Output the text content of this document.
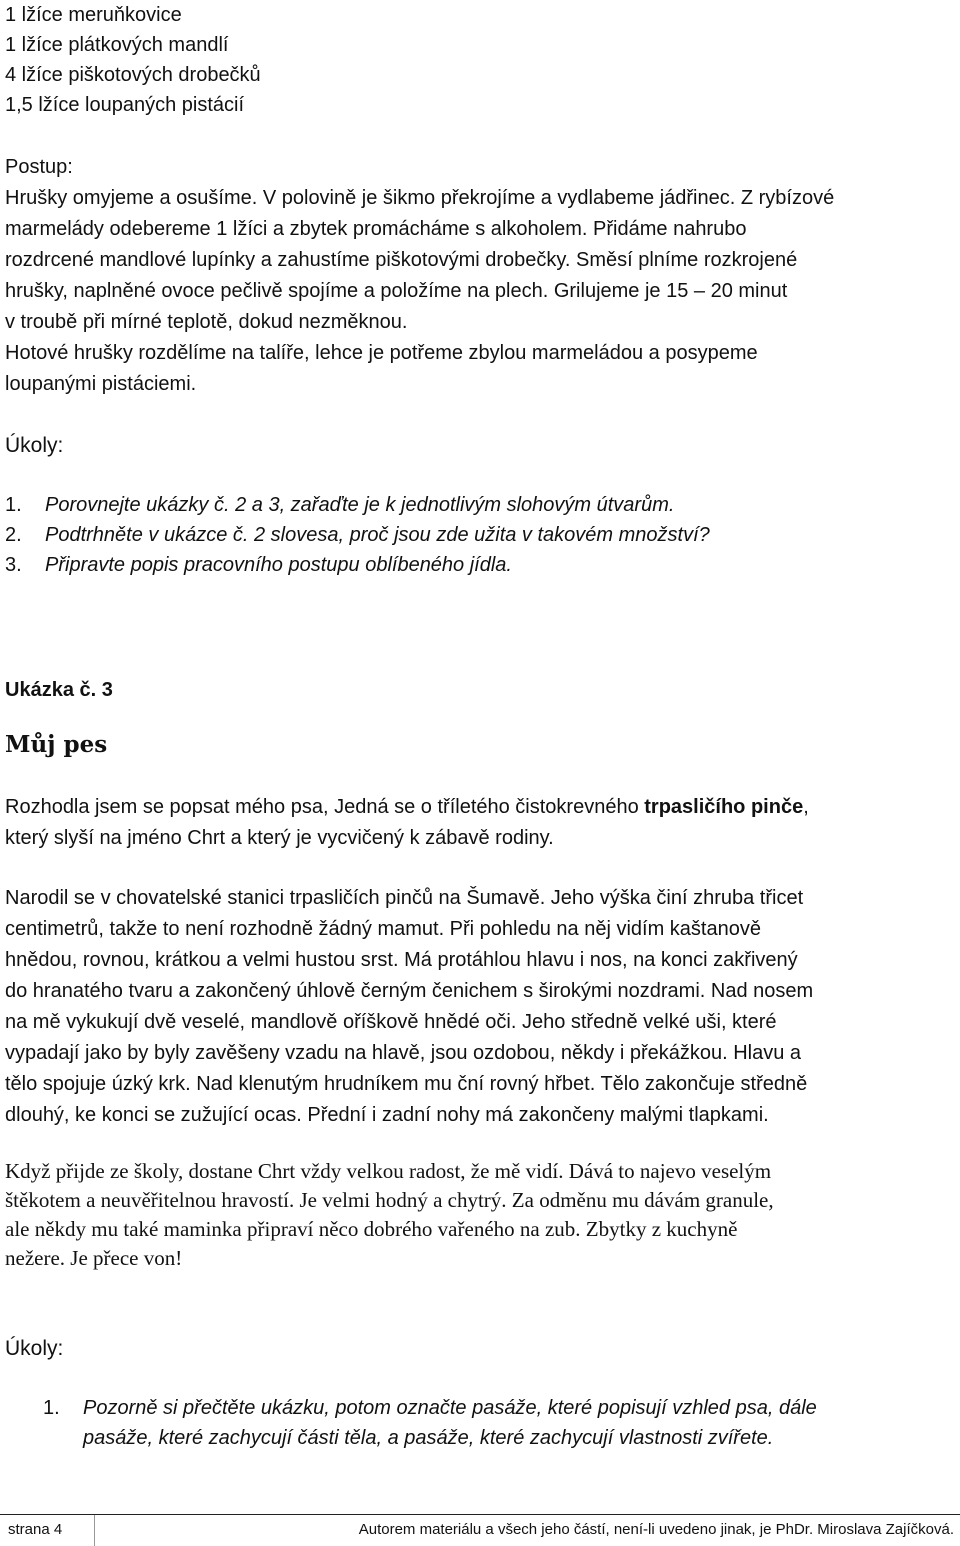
1 lžíce meruňkovice
1 lžíce plátkových mandlí
4 lžíce piškotových drobečků
1,5 lžíce loupaných pistácií
Postup:
Hrušky omyjeme a osušíme. V polovině je šikmo překrojíme a vydlabeme jádřinec. Z rybízové
marmelády odebereme 1 lžíci a zbytek promácháme s alkoholem. Přidáme nahrubo
rozdrcené mandlové lupínky a zahustíme piškotovými drobečky. Směsí plníme rozkrojené
hrušky, naplněné ovoce pečlivě spojíme a položíme na plech. Grilujeme je 15 – 20 minut
v troubě při mírné teplotě, dokud nezměknou.
Hotové hrušky rozdělíme na talíře, lehce je potřeme zbylou marmeládou a posypeme
loupanými pistáciemi.
Úkoly:
1. Porovnejte ukázky č. 2 a 3, zařaďte je k jednotlivým slohovým útvarům.
2. Podtrhněte v ukázce č. 2 slovesa, proč jsou zde užita v takovém množství?
3. Připravte popis pracovního postupu oblíbeného jídla.
Ukázka č. 3
Můj pes
Rozhodla jsem se popsat mého psa, Jedná se o tříletého čistokrevného trpasličího pinče,
který slyší na jméno Chrt a který je vycvičený k zábavě rodiny.
Narodil se v chovatelské stanici trpasličích pinčů na Šumavě. Jeho výška činí zhruba třicet
centimetrů, takže to není rozhodně žádný mamut. Při pohledu na něj vidím kaštanově
hnědou, rovnou, krátkou a velmi hustou srst. Má protáhlou hlavu i nos, na konci zakřivený
do hranatého tvaru a zakončený úhlově černým čenichem s širokými nozdrami. Nad nosem
na mě vykukují dvě veselé, mandlově oříškově hnědé oči. Jeho středně velké uši, které
vypadají jako by byly zavěšeny vzadu na hlavě, jsou ozdobou, někdy i překážkou. Hlavu a
tělo spojuje úzký krk. Nad klenutým hrudníkem mu ční rovný hřbet. Tělo zakončuje středně
dlouhý, ke konci se zužující ocas. Přední i zadní nohy má zakončeny malými tlapkami.
Když přijde ze školy, dostane Chrt vždy velkou radost, že mě vidí. Dává to najevo veselým
štěkotem a neuvěřitelnou hravostí. Je velmi hodný a chytrý. Za odměnu mu dávám granule,
ale někdy mu také maminka připraví něco dobrého vařeného na zub. Zbytky z kuchyně
nežere. Je přece von!
Úkoly:
1. Pozorně si přečtěte ukázku, potom označte pasáže, které popisují vzhled psa, dále
pasáže, které zachycují části těla, a pasáže, které zachycují vlastnosti zvířete.
strana 4	Autorem materiálu a všech jeho částí, není-li uvedeno jinak, je PhDr. Miroslava Zajíčková.
